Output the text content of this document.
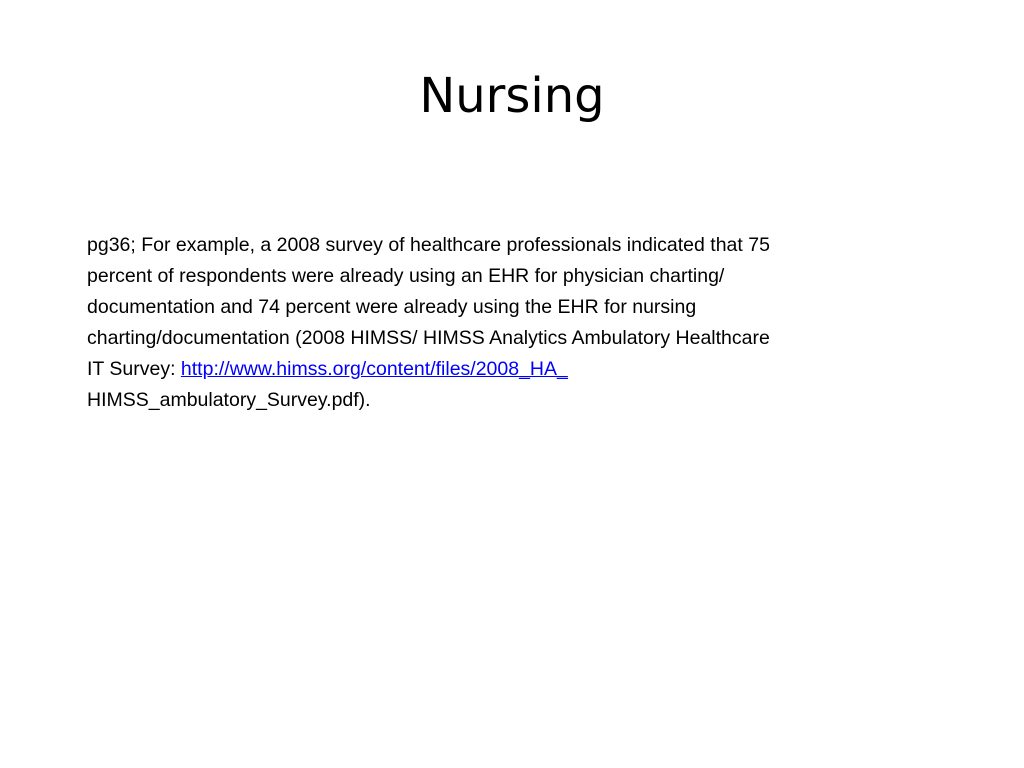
Nursing
pg36; For example, a 2008 survey of healthcare professionals indicated that 75
percent of respondents were already using an EHR for physician charting/
documentation and 74 percent were already using the EHR for nursing
charting/documentation (2008 HIMSS/ HIMSS Analytics Ambulatory Healthcare
IT Survey: http://www.himss.org/content/files/2008_HA_
HIMSS_ambulatory_Survey.pdf).
